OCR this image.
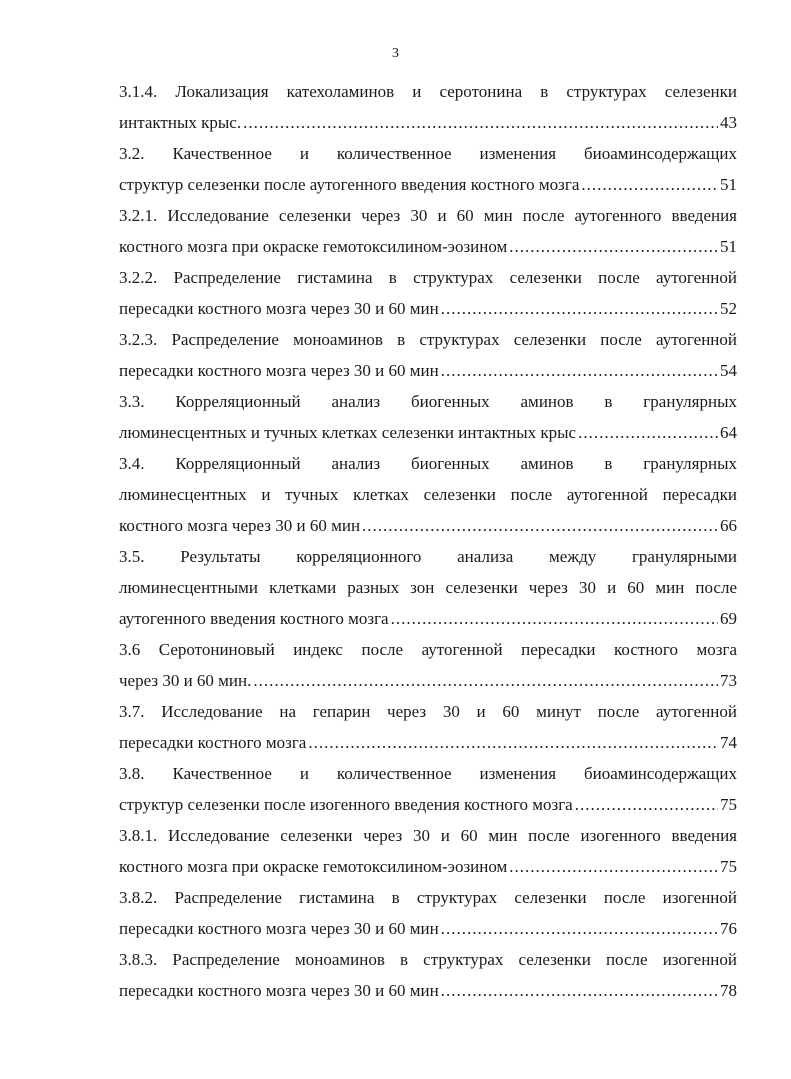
3
3.1.4. Локализация катехоламинов и серотонина в структурах селезенки
интактных крыс. .....	43
3.2. Качественное и количественное изменения биоаминсодержащих
структур селезенки после аутогенного введения костного мозга .....	51
3.2.1. Исследование селезенки через 30 и 60 мин после аутогенного введения
костного мозга при окраске гемотоксилином-эозином .....	51
3.2.2. Распределение гистамина в структурах селезенки после аутогенной
пересадки костного мозга через 30 и 60 мин .....	52
3.2.3. Распределение моноаминов в структурах селезенки после аутогенной
пересадки костного мозга через 30 и 60 мин .....	54
3.3. Корреляционный анализ биогенных аминов в гранулярных
люминесцентных и тучных клетках селезенки интактных крыс .....	64
3.4. Корреляционный анализ биогенных аминов в гранулярных
люминесцентных и тучных клетках селезенки после аутогенной пересадки
костного мозга через 30 и 60 мин .....	66
3.5. Результаты корреляционного анализа между гранулярными
люминесцентными клетками разных зон селезенки через 30 и 60 мин после
аутогенного введения костного мозга .....	69
3.6 Серотониновый индекс после аутогенной пересадки костного мозга
через 30 и 60 мин. .....	73
3.7. Исследование на гепарин через 30 и 60 минут после аутогенной
пересадки костного мозга .....	74
3.8. Качественное и количественное изменения биоаминсодержащих
структур селезенки после изогенного введения костного мозга .....	75
3.8.1. Исследование селезенки через 30 и 60 мин после изогенного введения
костного мозга при окраске гемотоксилином-эозином .....	75
3.8.2. Распределение гистамина в структурах селезенки после изогенной
пересадки костного мозга через 30 и 60 мин .....	76
3.8.3. Распределение моноаминов в структурах селезенки после изогенной
пересадки костного мозга через 30 и 60 мин .....	78
